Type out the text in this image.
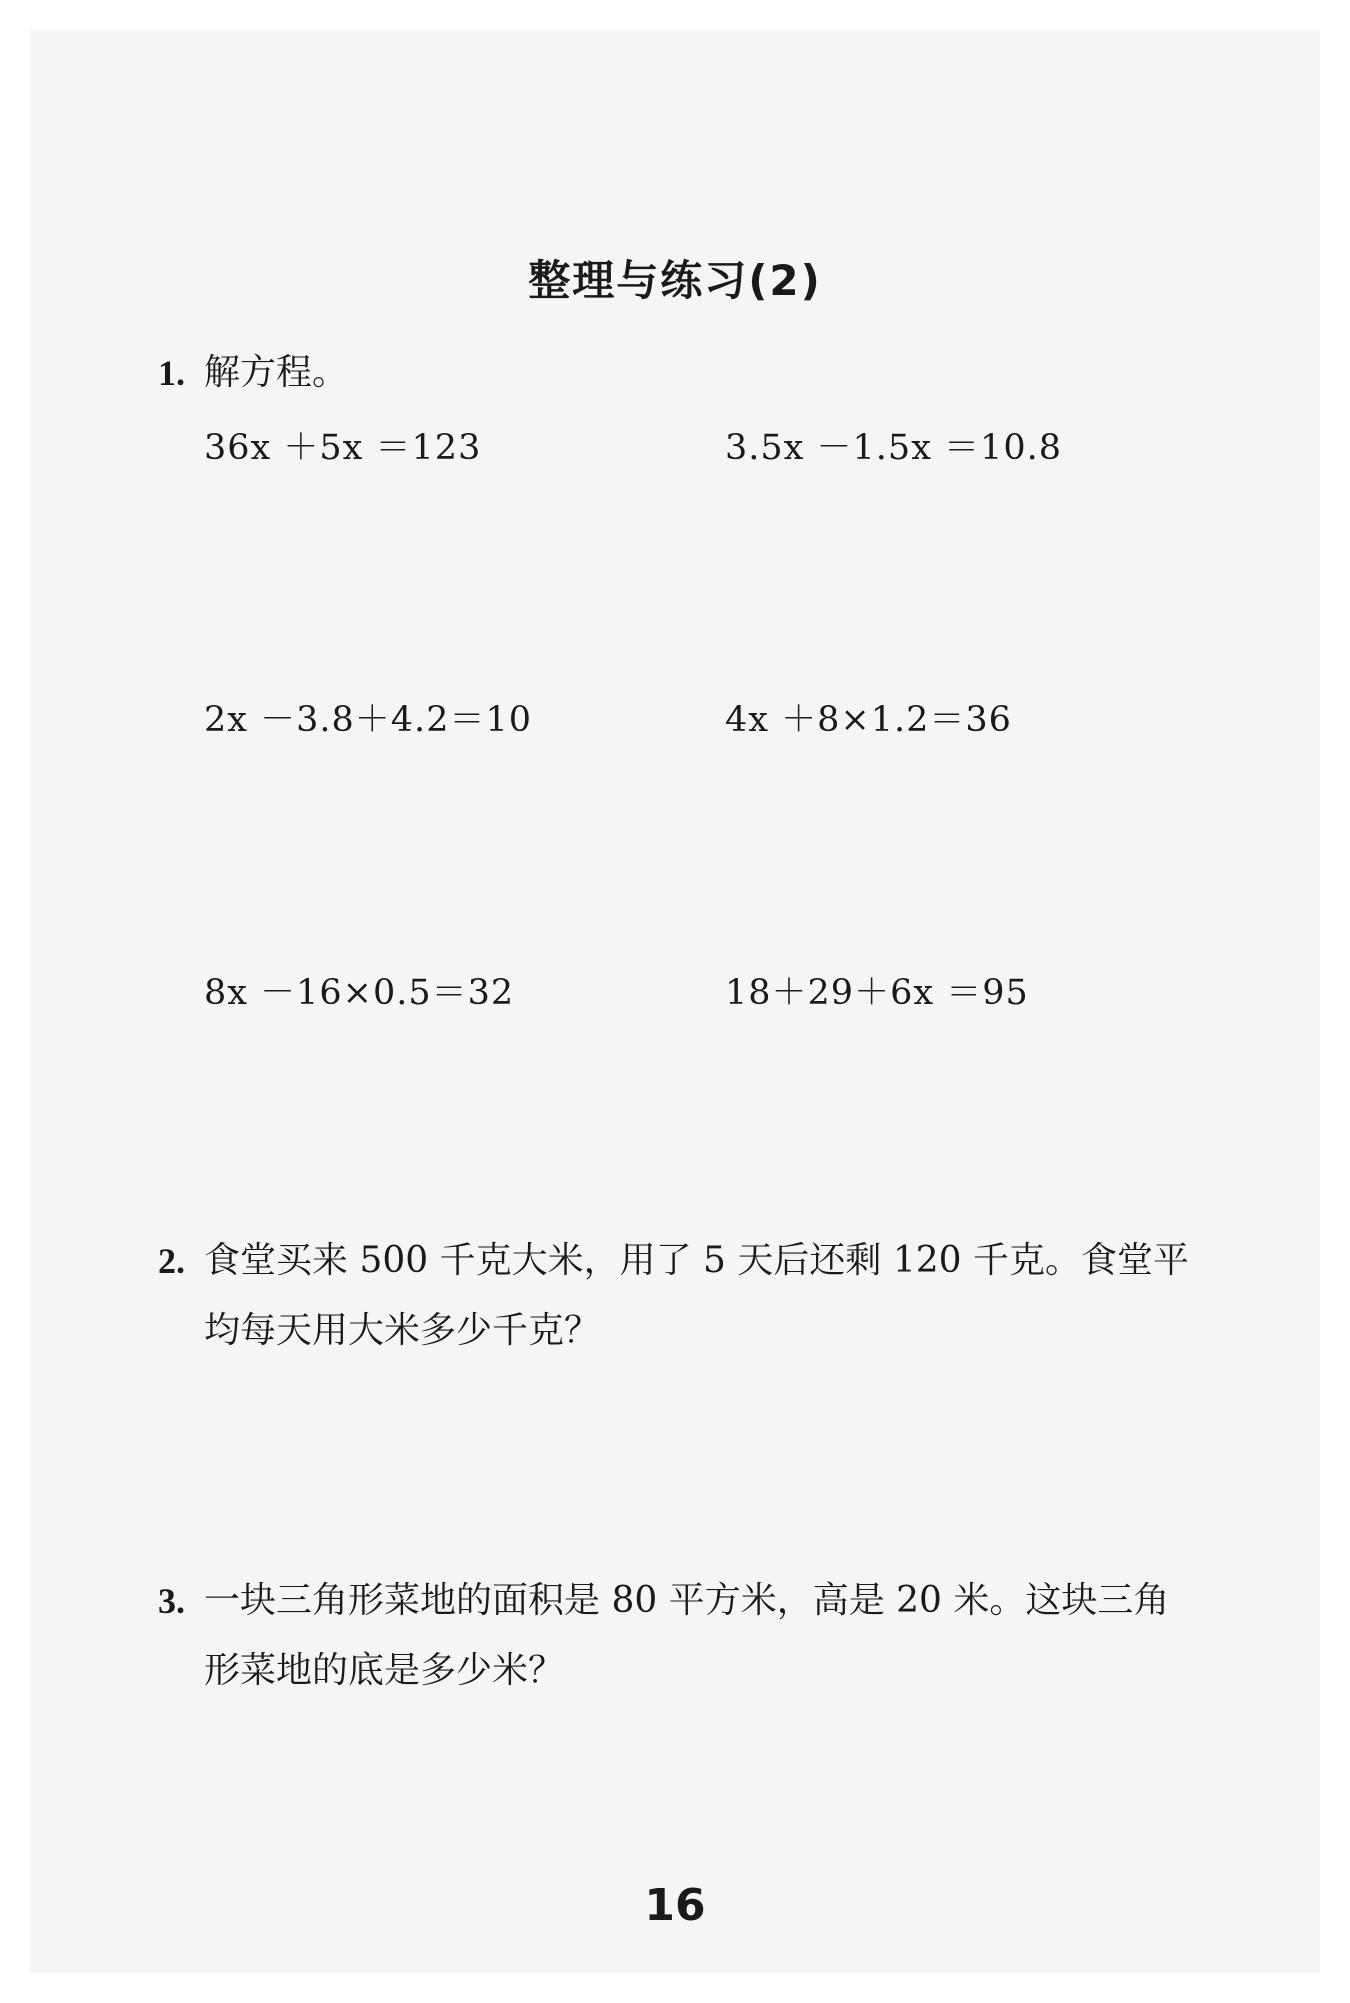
整理与练习(2)
1. 解方程。
36x ＋5x ＝123	3.5x －1.5x ＝10.8
2x －3.8＋4.2＝10	4x ＋8×1.2＝36
8x －16×0.5＝32	18＋29＋6x ＝95
2. 食堂买来 500 千克大米，用了 5 天后还剩 120 千克。食堂平
均每天用大米多少千克？
3. 一块三角形菜地的面积是 80 平方米，高是 20 米。这块三角
形菜地的底是多少米？
16
